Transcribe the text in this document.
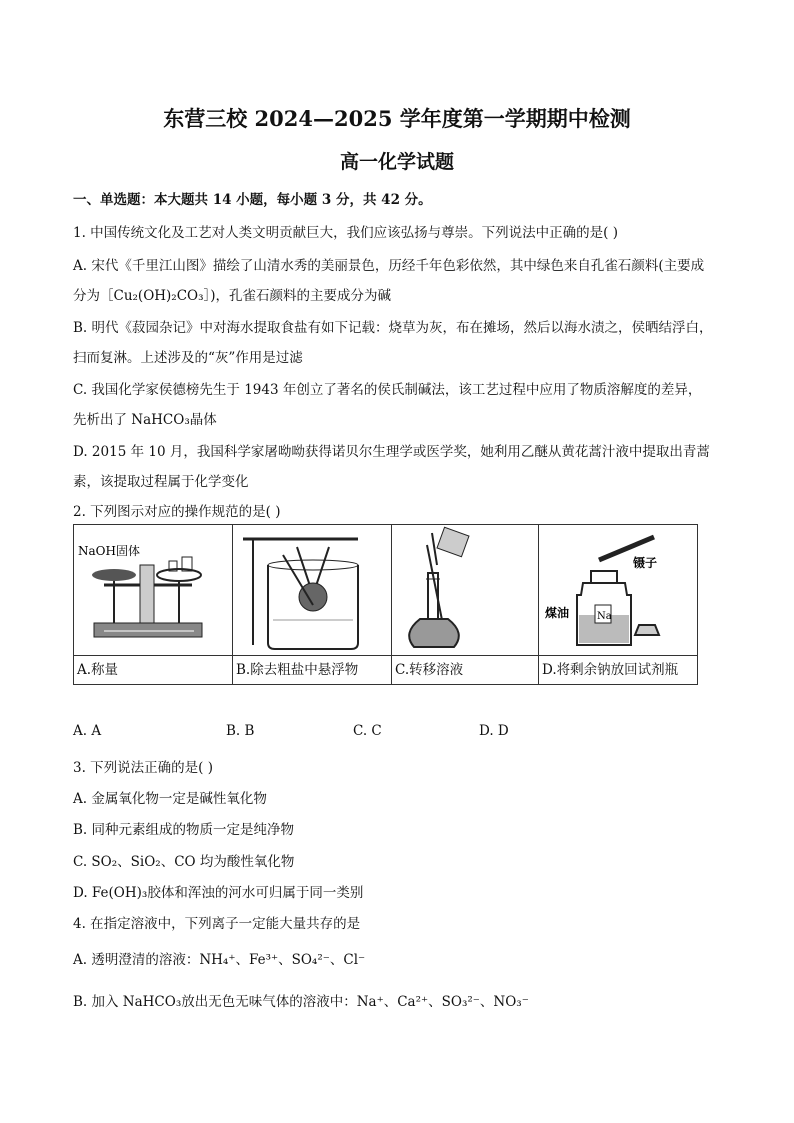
东营三校 2024—2025 学年度第一学期期中检测
高一化学试题
一、单选题：本大题共 14 小题，每小题 3 分，共 42 分。
1. 中国传统文化及工艺对人类文明贡献巨大，我们应该弘扬与尊崇。下列说法中正确的是( )
A. 宋代《千里江山图》描绘了山清水秀的美丽景色，历经千年色彩依然，其中绿色来自孔雀石颜料(主要成
分为［Cu₂(OH)₂CO₃］)，孔雀石颜料的主要成分为碱
B. 明代《菽园杂记》中对海水提取食盐有如下记载：烧草为灰，布在摊场，然后以海水渍之，侯晒结浮白，
扫而复淋。上述涉及的“灰”作用是过滤
C. 我国化学家侯德榜先生于 1943 年创立了著名的侯氏制碱法，该工艺过程中应用了物质溶解度的差异，
先析出了 NaHCO₃晶体
D. 2015 年 10 月，我国科学家屠呦呦获得诺贝尔生理学或医学奖，她利用乙醚从黄花蒿汁液中提取出青蒿
素，该提取过程属于化学变化
2. 下列图示对应的操作规范的是( )
NaOH固体			镊子
Na
煤油

A.称量	B.除去粗盐中悬浮物	C.转移溶液	D.将剩余钠放回试剂瓶
A. A	B. B	C. C	D. D
3. 下列说法正确的是( )
A. 金属氧化物一定是碱性氧化物
B. 同种元素组成的物质一定是纯净物
C. SO₂、SiO₂、CO 均为酸性氧化物
D. Fe(OH)₃胶体和浑浊的河水可归属于同一类别
4. 在指定溶液中，下列离子一定能大量共存的是
A. 透明澄清的溶液：NH₄⁺、Fe³⁺、SO₄²⁻、Cl⁻
B. 加入 NaHCO₃放出无色无味气体的溶液中：Na⁺、Ca²⁺、SO₃²⁻、NO₃⁻
